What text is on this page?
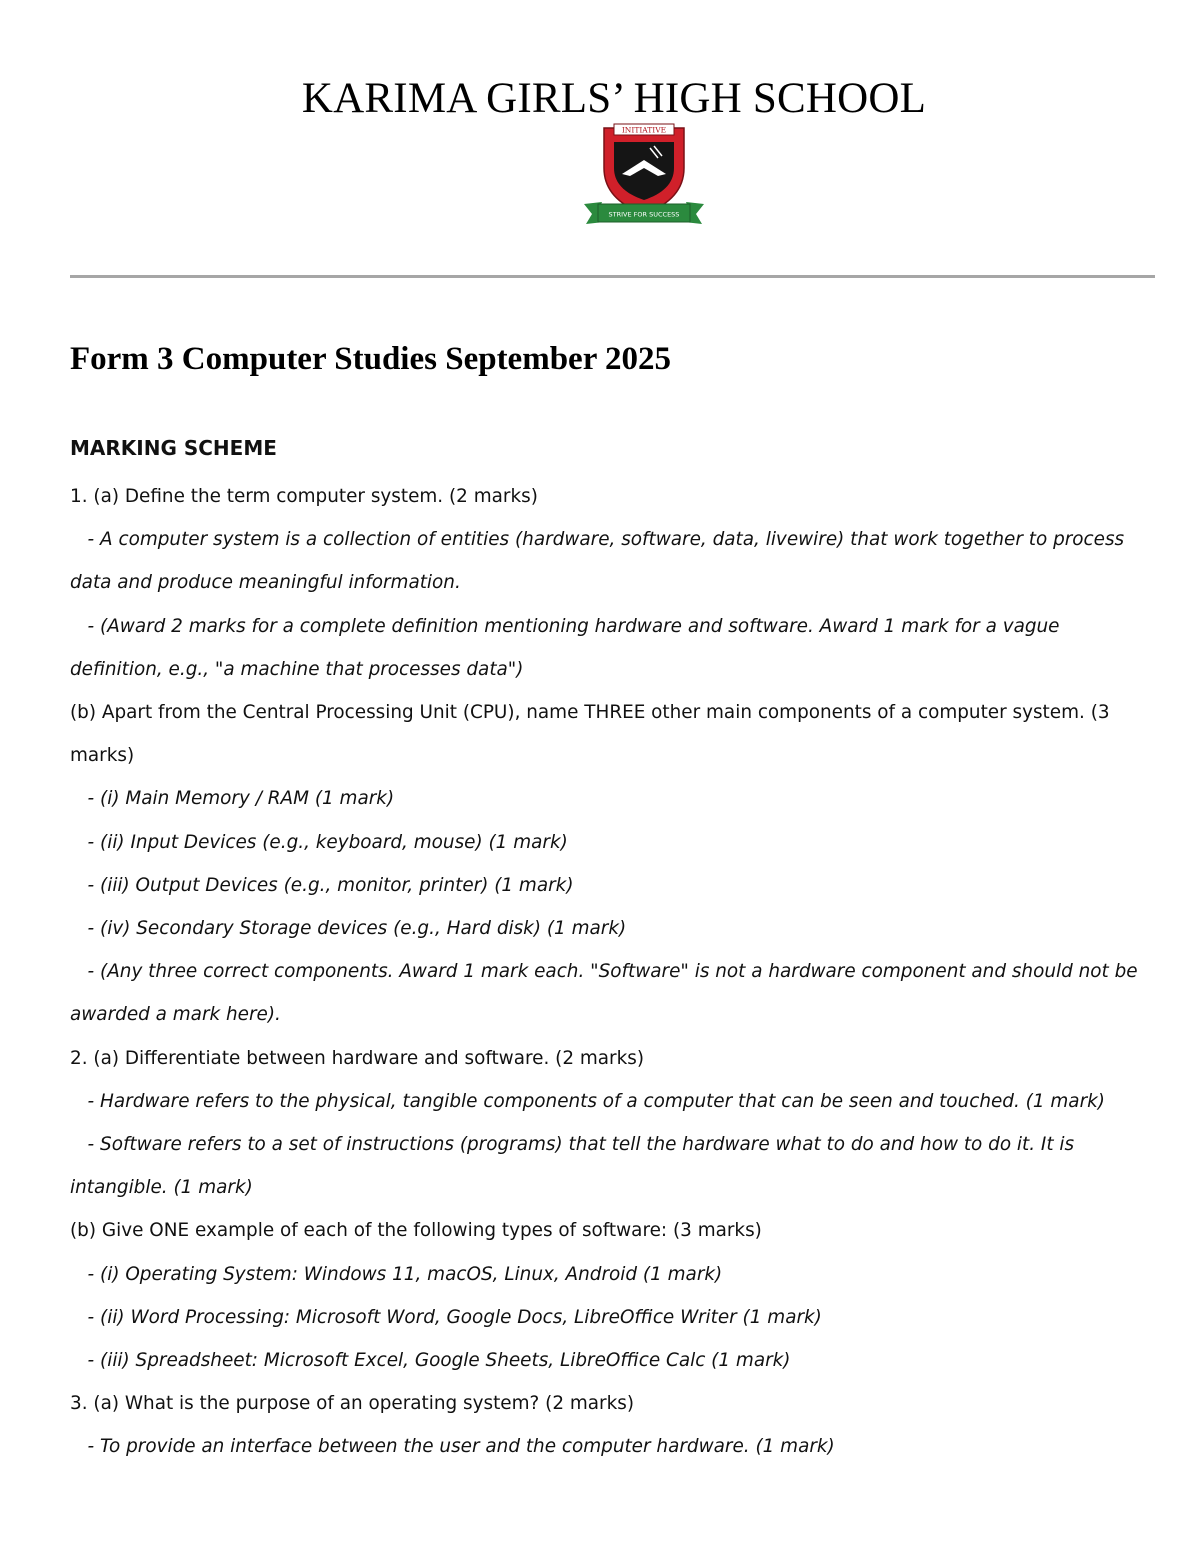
KARIMA GIRLS’ HIGH SCHOOL
INITIATIVE
STRIVE FOR SUCCESS
Form 3 Computer Studies September 2025
MARKING SCHEME

1. (a) Define the term computer system. (2 marks)

- A computer system is a collection of entities (hardware, software, data, livewire) that work together to process data and produce meaningful information.

- (Award 2 marks for a complete definition mentioning hardware and software. Award 1 mark for a vague definition, e.g., "a machine that processes data")

(b) Apart from the Central Processing Unit (CPU), name THREE other main components of a computer system. (3 marks)

- (i) Main Memory / RAM (1 mark)

- (ii) Input Devices (e.g., keyboard, mouse) (1 mark)

- (iii) Output Devices (e.g., monitor, printer) (1 mark)

- (iv) Secondary Storage devices (e.g., Hard disk) (1 mark)

- (Any three correct components. Award 1 mark each. "Software" is not a hardware component and should not be awarded a mark here).

2. (a) Differentiate between hardware and software. (2 marks)

- Hardware refers to the physical, tangible components of a computer that can be seen and touched. (1 mark)

- Software refers to a set of instructions (programs) that tell the hardware what to do and how to do it. It is intangible. (1 mark)

(b) Give ONE example of each of the following types of software: (3 marks)

- (i) Operating System: Windows 11, macOS, Linux, Android (1 mark)

- (ii) Word Processing: Microsoft Word, Google Docs, LibreOffice Writer (1 mark)

- (iii) Spreadsheet: Microsoft Excel, Google Sheets, LibreOffice Calc (1 mark)

3. (a) What is the purpose of an operating system? (2 marks)

- To provide an interface between the user and the computer hardware. (1 mark)
